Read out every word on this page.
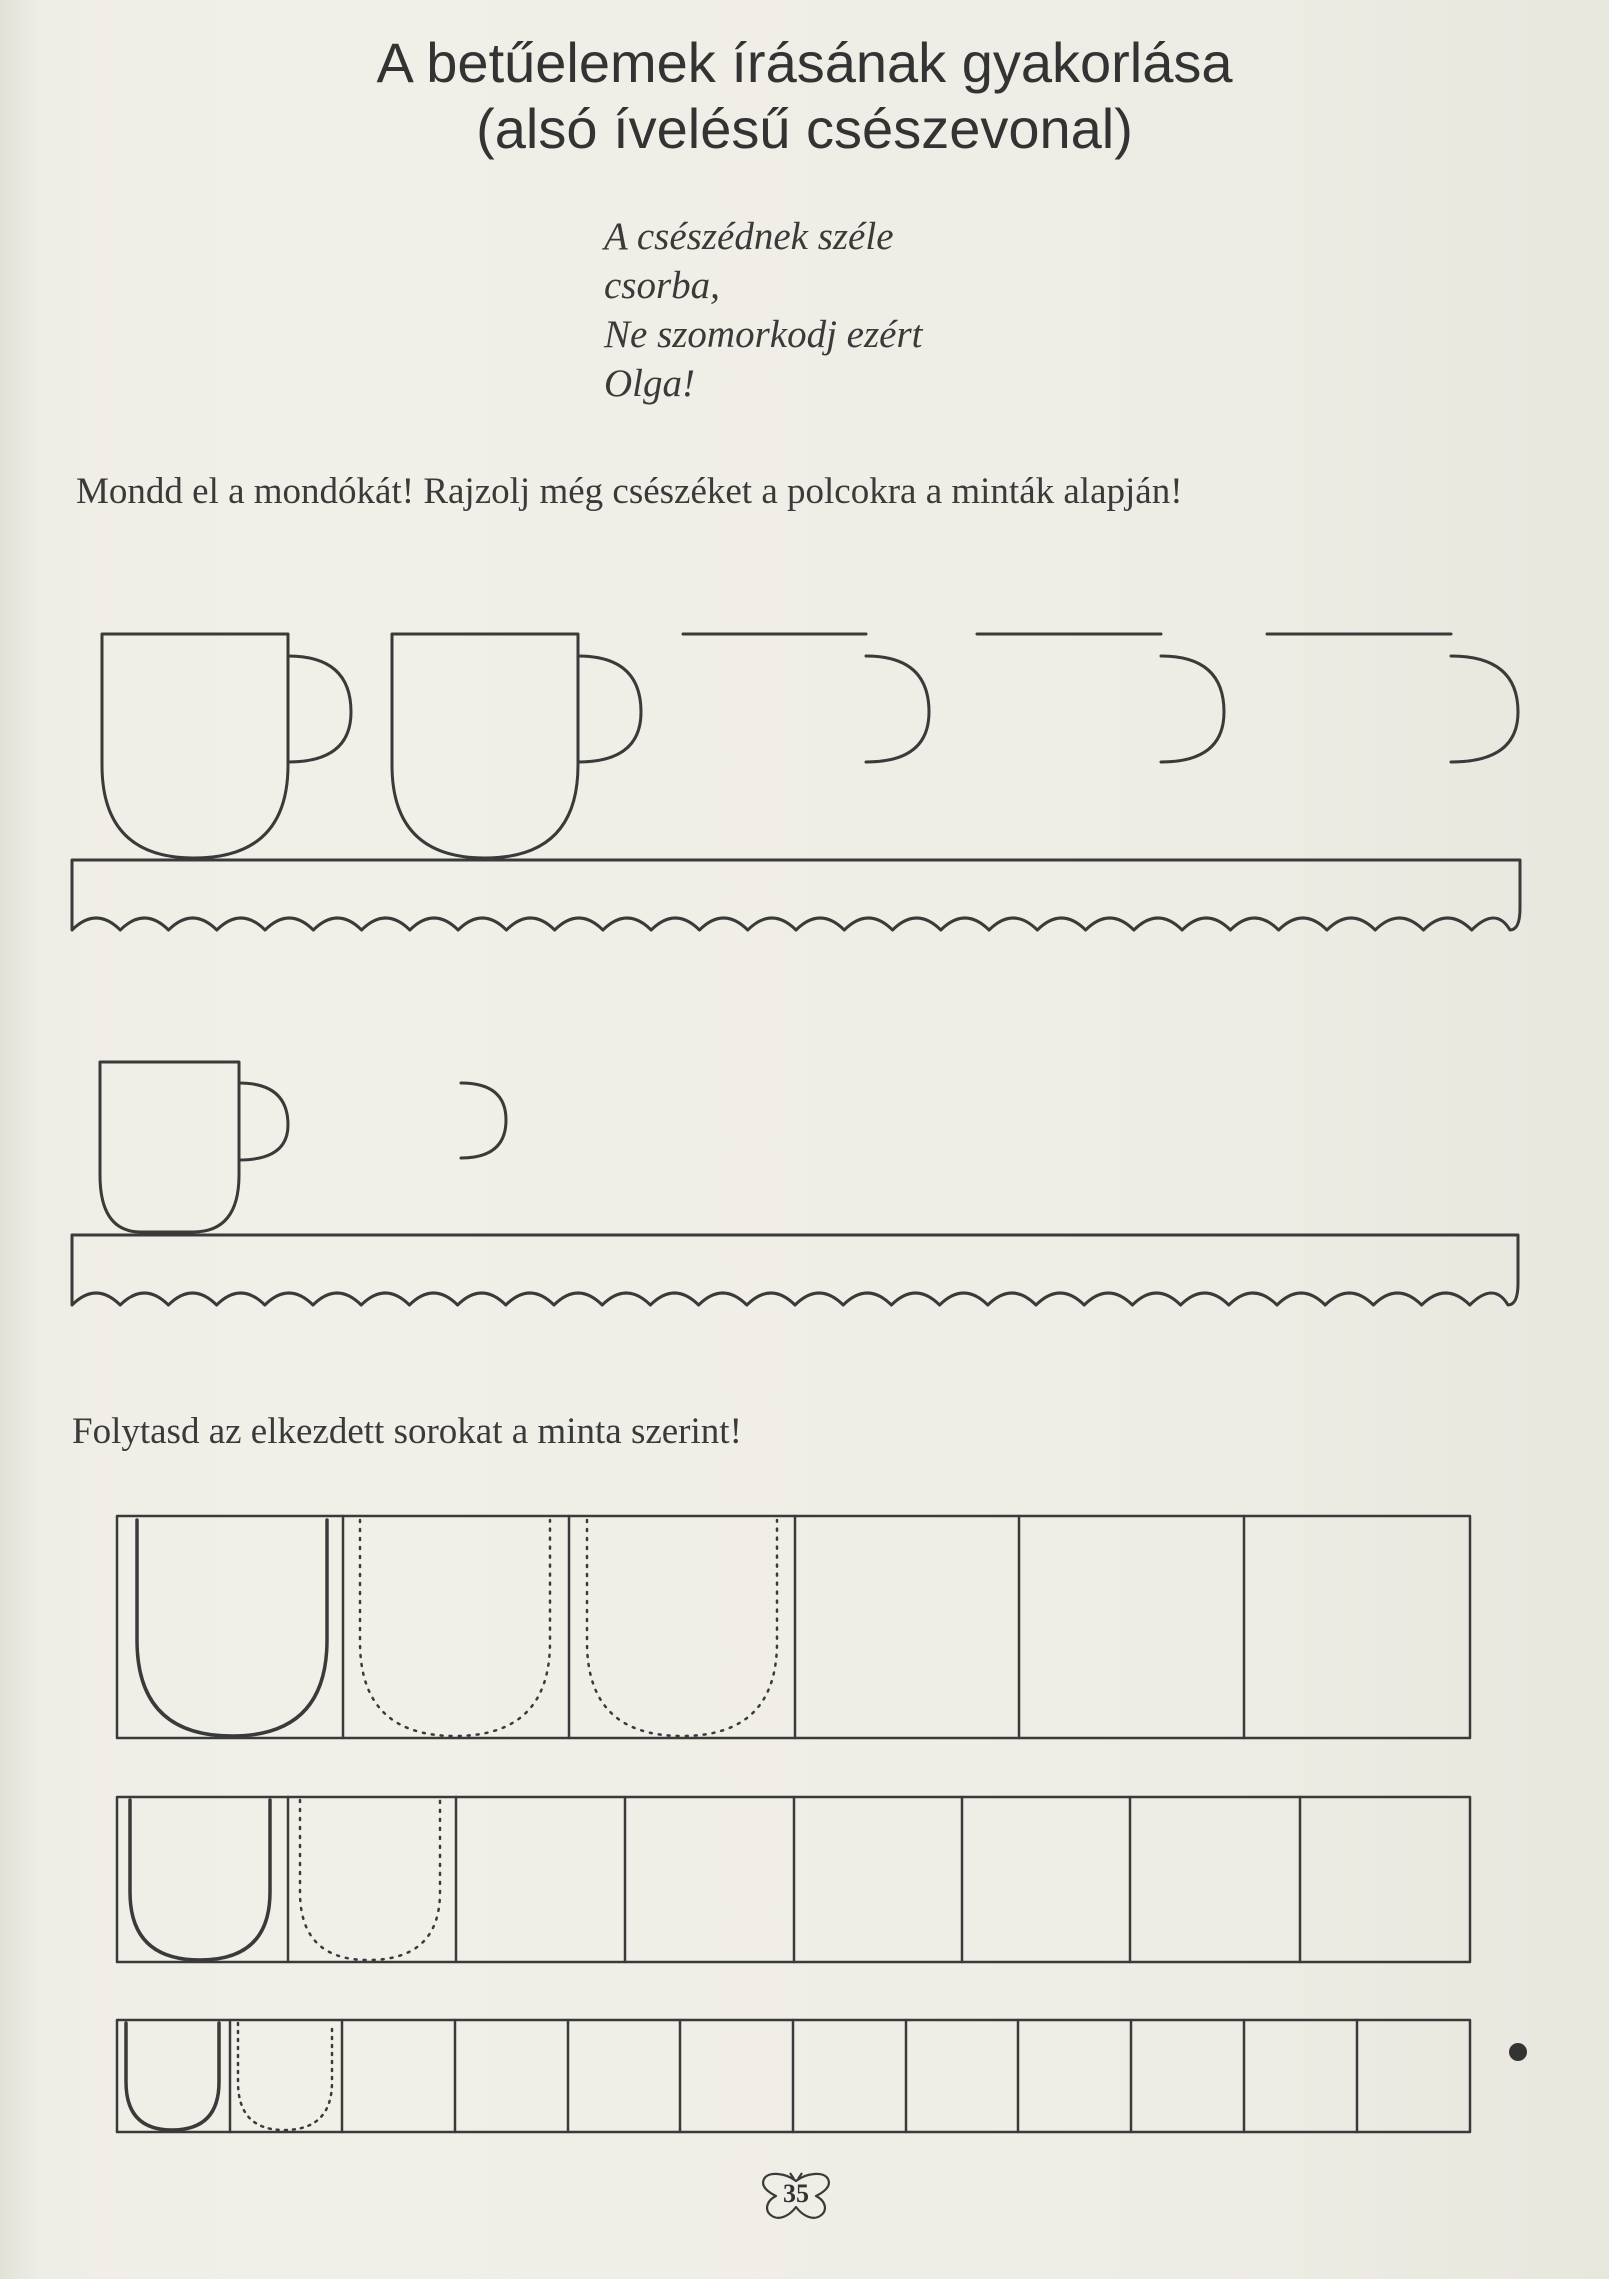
A betűelemek írásának gyakorlása
(alsó ívelésű csészevonal)
A csészédnek széle
csorba,
Ne szomorkodj ezért
Olga!
Mondd el a mondókát! Rajzolj még csészéket a polcokra a minták alapján!
Folytasd az elkezdett sorokat a minta szerint!
35
